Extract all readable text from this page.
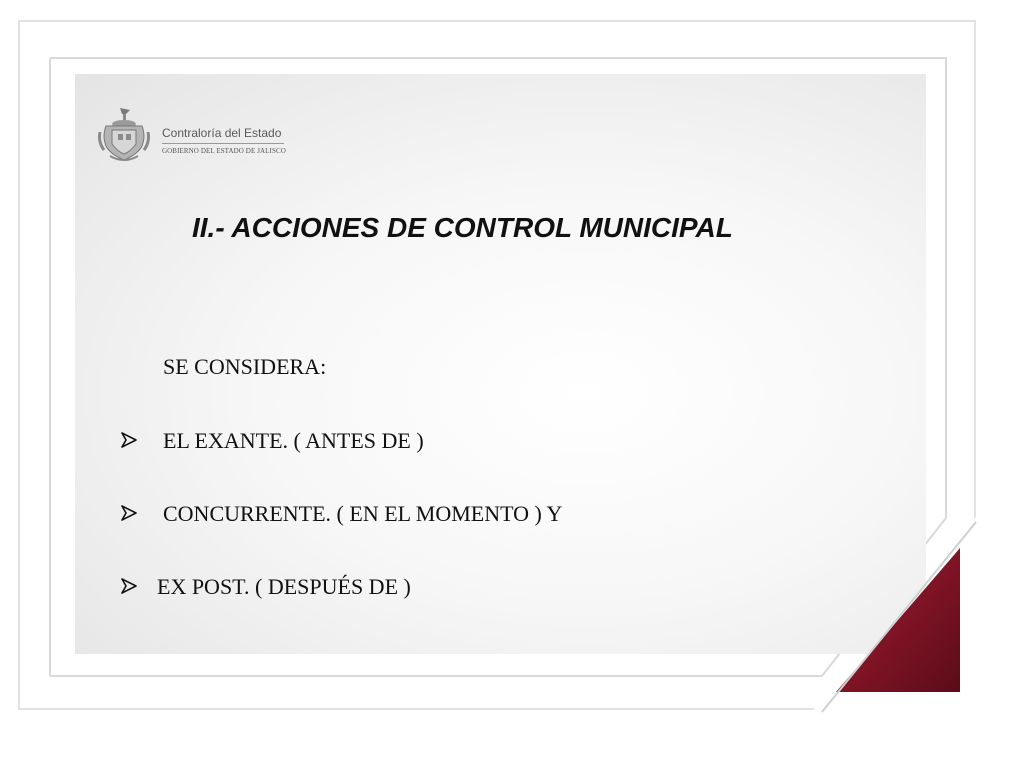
Contraloría del Estado
GOBIERNO DEL ESTADO DE JALISCO
II.- ACCIONES DE CONTROL MUNICIPAL
SE CONSIDERA:
EL EXANTE. ( ANTES DE )
CONCURRENTE. ( EN EL MOMENTO ) Y
EX POST. ( DESPUÉS DE )
